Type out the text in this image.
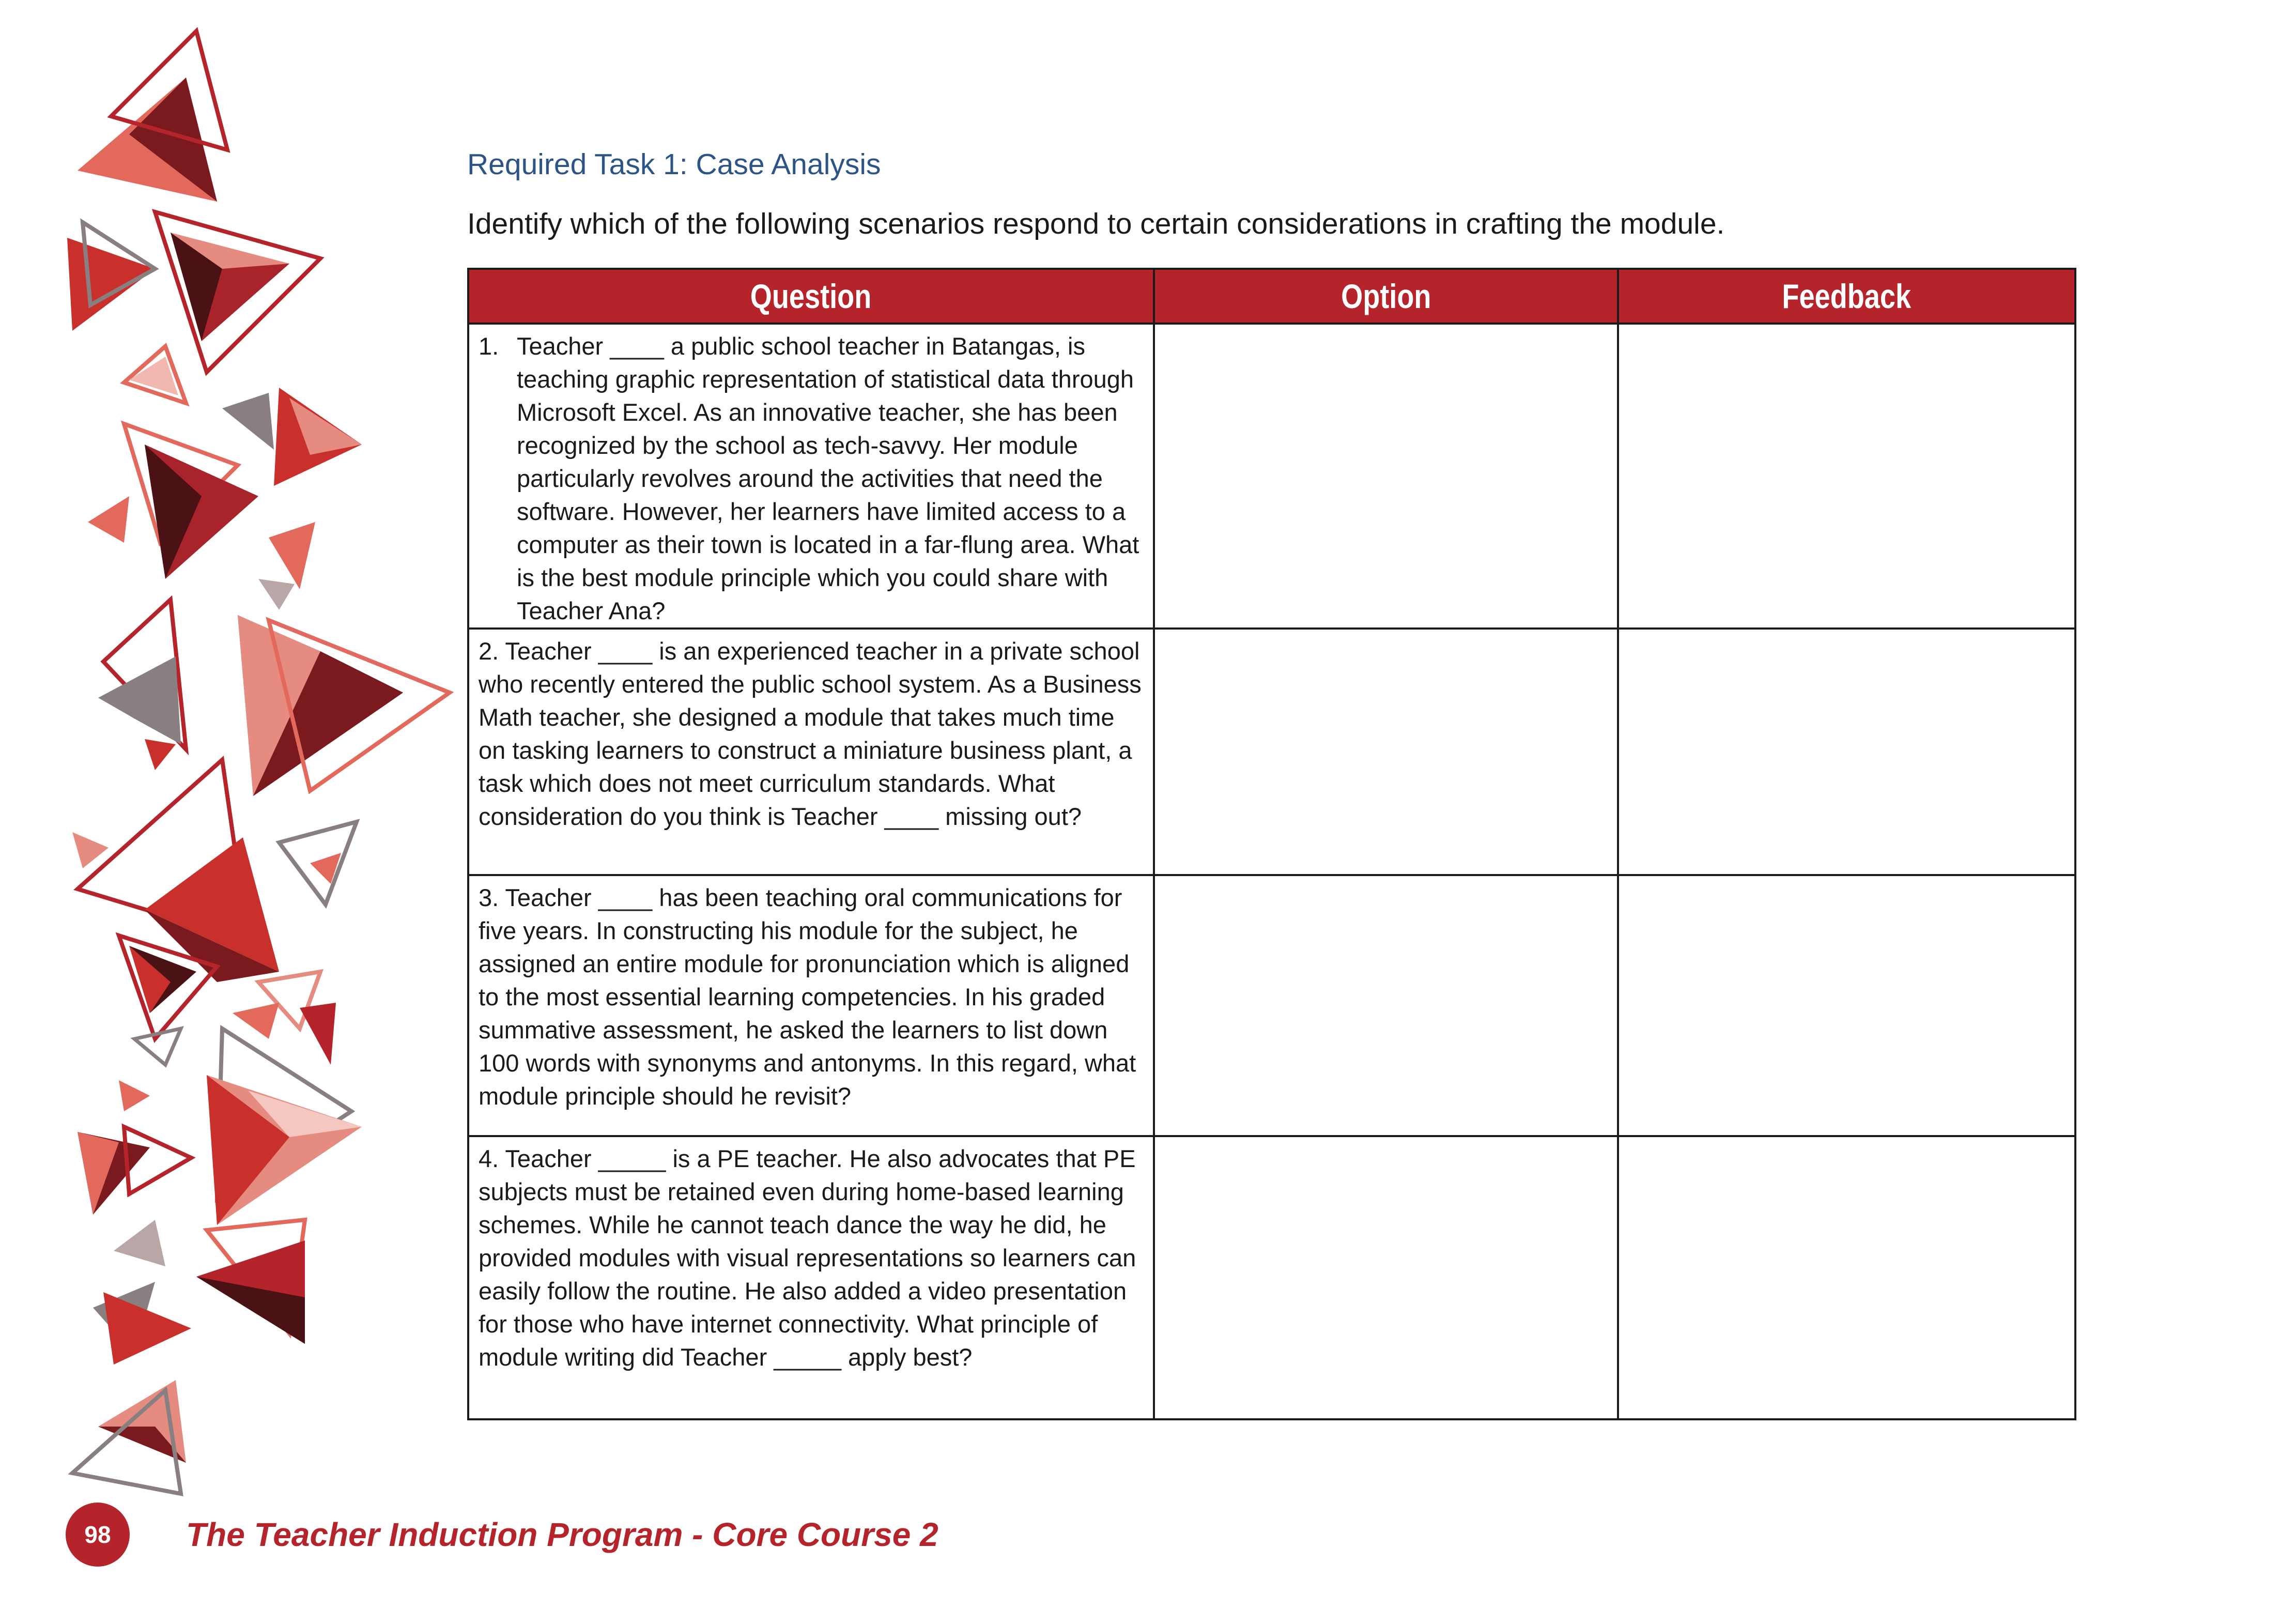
Required Task 1: Case Analysis
Identify which of the following scenarios respond to certain considerations in crafting the module.
Question	Option	Feedback

1. Teacher ____ a public school teacher in Batangas, is teaching graphic representation of statistical data through Microsoft Excel. As an innovative teacher, she has been recognized by the school as tech-savvy. Her module particularly revolves around the activities that need the software. However, her learners have limited access to a computer as their town is located in a far-flung area. What is the best module principle which you could share with Teacher Ana?		

2. Teacher ____ is an experienced teacher in a private school who recently entered the public school system. As a Business Math teacher, she designed a module that takes much time on tasking learners to construct a miniature business plant, a task which does not meet curriculum standards. What consideration do you think is Teacher ____ missing out?		

3. Teacher ____ has been teaching oral communications for five years. In constructing his module for the subject, he assigned an entire module for pronunciation which is aligned to the most essential learning competencies. In his graded summative assessment, he asked the learners to list down 100 words with synonyms and antonyms. In this regard, what module principle should he revisit?		

4. Teacher _____ is a PE teacher. He also advocates that PE subjects must be retained even during home-based learning schemes. While he cannot teach dance the way he did, he provided modules with visual representations so learners can easily follow the routine. He also added a video presentation for those who have internet connectivity. What principle of module writing did Teacher _____ apply best?		

98 The Teacher Induction Program - Core Course 2
